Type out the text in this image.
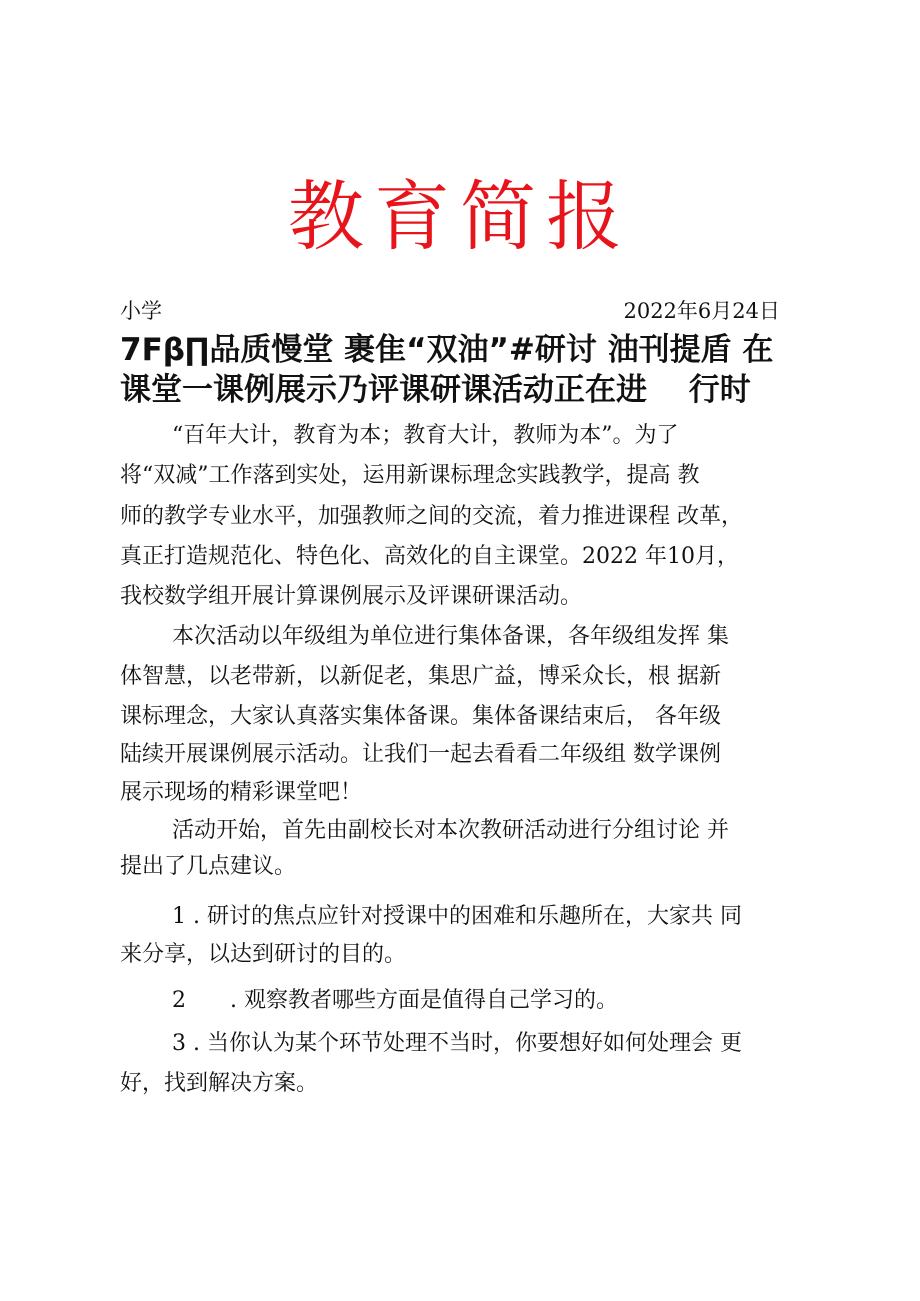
教育简报
小学	2022年6月24日
7Fβ∏品质慢堂 裹隹“双油”#研讨 油刊提盾 在
课堂一课例展示乃评课研课活动正在进　 行时
“百年大计，教育为本；教育大计，教师为本”。为了
将“双减”工作落到实处，运用新课标理念实践教学，提高 教
师的教学专业水平，加强教师之间的交流，着力推进课程 改革，
真正打造规范化、特色化、高效化的自主课堂。2022 年10月，
我校数学组开展计算课例展示及评课研课活动。
本次活动以年级组为单位进行集体备课，各年级组发挥 集
体智慧，以老带新，以新促老，集思广益，博采众长，根 据新
课标理念，大家认真落实集体备课。集体备课结束后， 各年级
陆续开展课例展示活动。让我们一起去看看二年级组 数学课例
展示现场的精彩课堂吧！
活动开始，首先由副校长对本次教研活动进行分组讨论 并
提出了几点建议。
1 . 研讨的焦点应针对授课中的困难和乐趣所在，大家共 同
来分享，以达到研讨的目的。
2　　. 观察教者哪些方面是值得自己学习的。
3 . 当你认为某个环节处理不当时，你要想好如何处理会 更
好，找到解决方案。
